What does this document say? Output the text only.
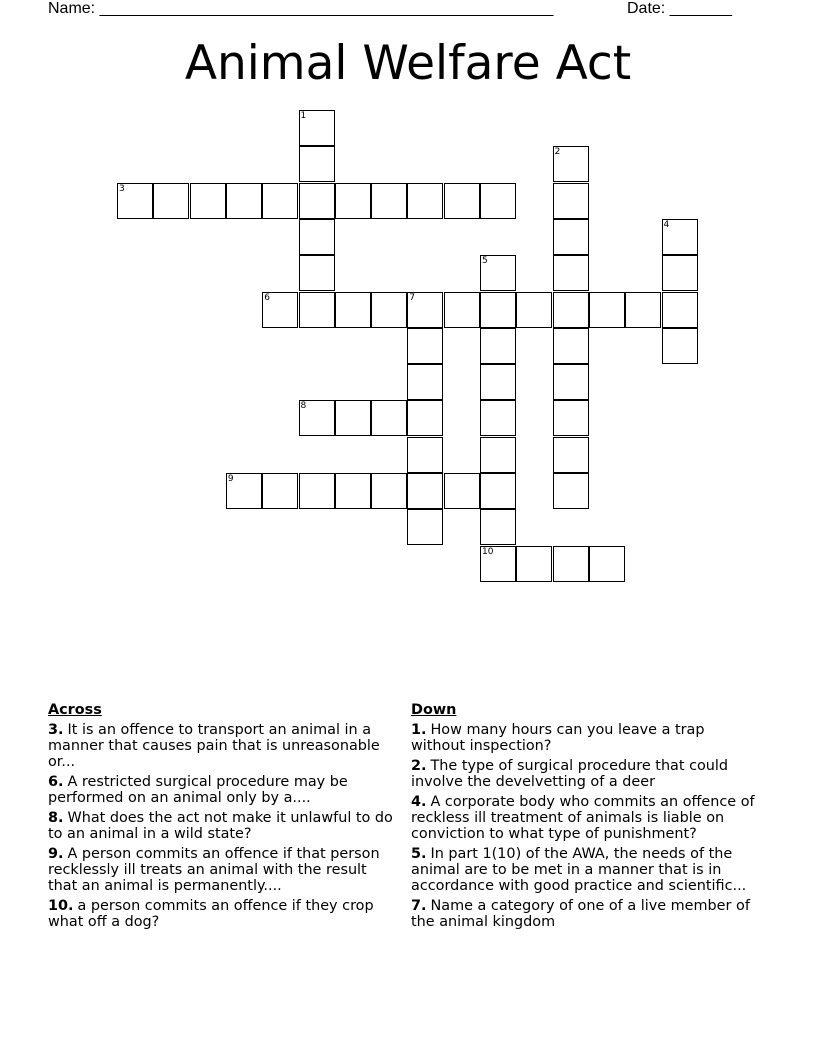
Name: ___________________________________________________	Date: _______
Animal Welfare Act
3
6	7
8
9
10
1
2
4
5
Across
3. It is an offence to transport an animal in a manner that causes pain that is unreasonable or...
6. A restricted surgical procedure may be performed on an animal only by a....
8. What does the act not make it unlawful to do to an animal in a wild state?
9. A person commits an offence if that person recklessly ill treats an animal with the result that an animal is permanently....
10. a person commits an offence if they crop what off a dog?
Down
1. How many hours can you leave a trap without inspection?
2. The type of surgical procedure that could involve the develvetting of a deer
4. A corporate body who commits an offence of reckless ill treatment of animals is liable on conviction to what type of punishment?
5. In part 1(10) of the AWA, the needs of the animal are to be met in a manner that is in accordance with good practice and scientific...
7. Name a category of one of a live member of the animal kingdom
